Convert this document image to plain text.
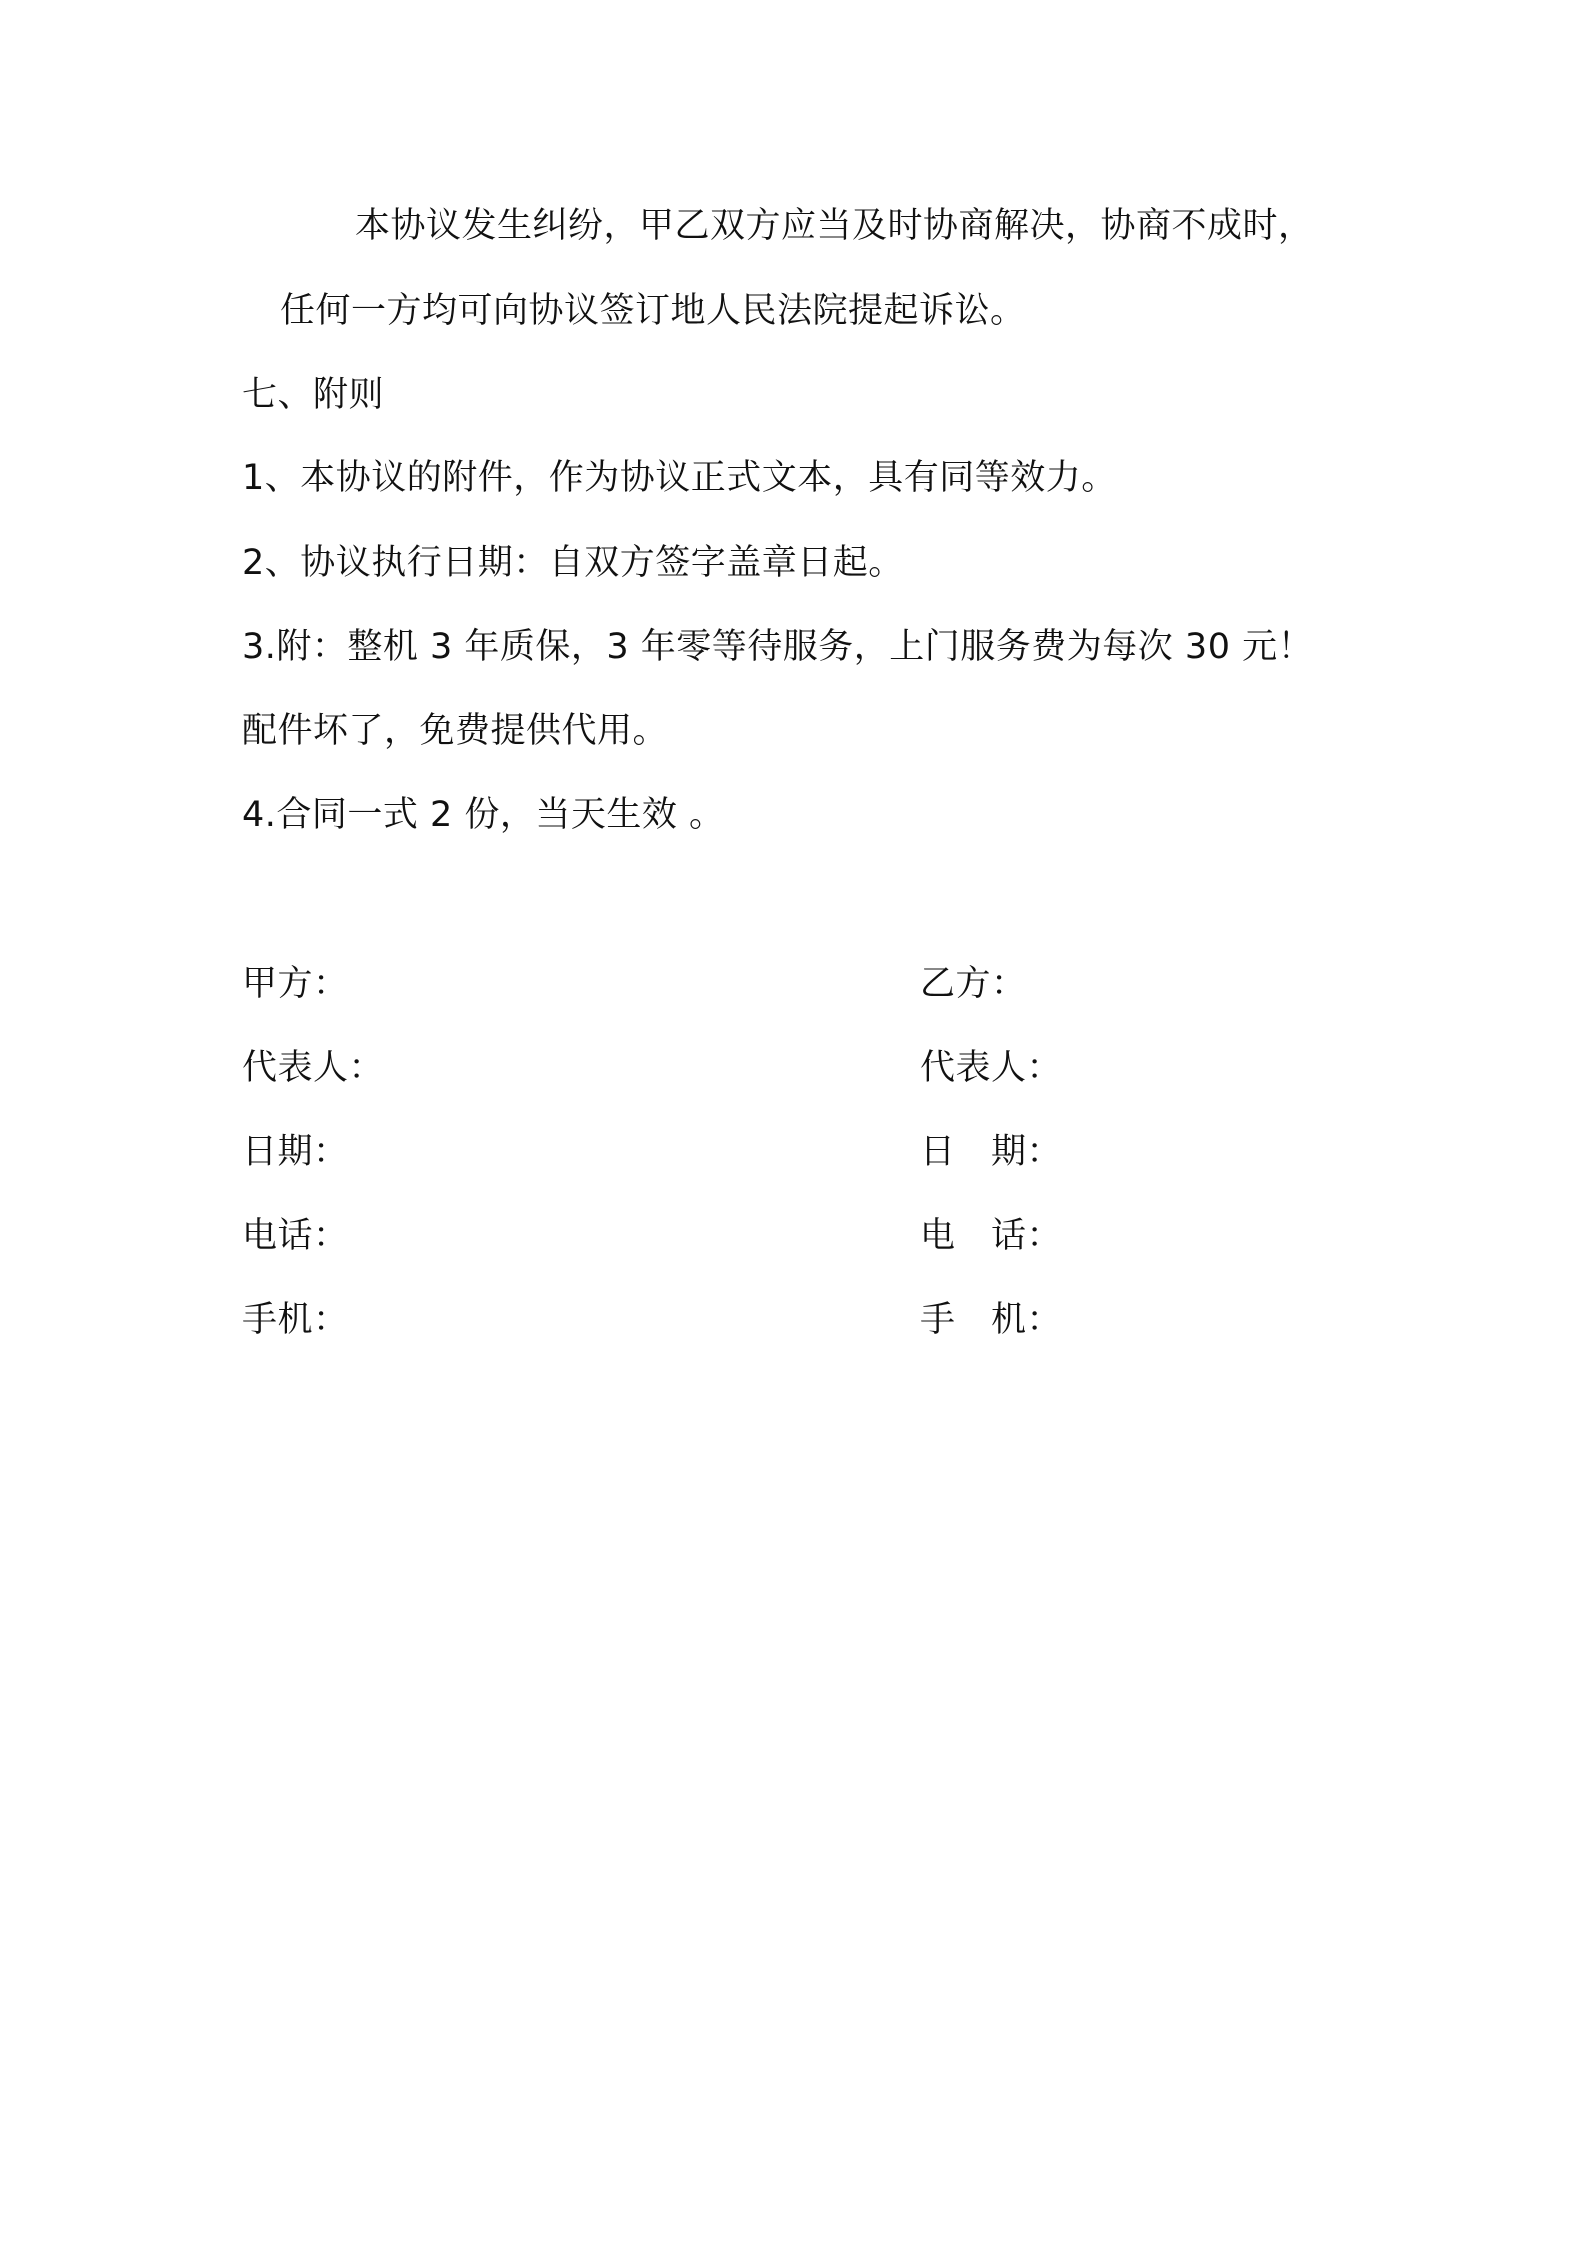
本协议发生纠纷，甲乙双方应当及时协商解决，协商不成时，
任何一方均可向协议签订地人民法院提起诉讼。
七、附则
1、本协议的附件，作为协议正式文本，具有同等效力。
2、协议执行日期：自双方签字盖章日起。
3.附：整机 3 年质保，3 年零等待服务，上门服务费为每次 30 元！
配件坏了，免费提供代用。
4.合同一式 2 份，当天生效 。
甲方：
代表人：
日期：
电话：
手机：
乙方：
代表人：
日　期：
电　话：
手　机：
